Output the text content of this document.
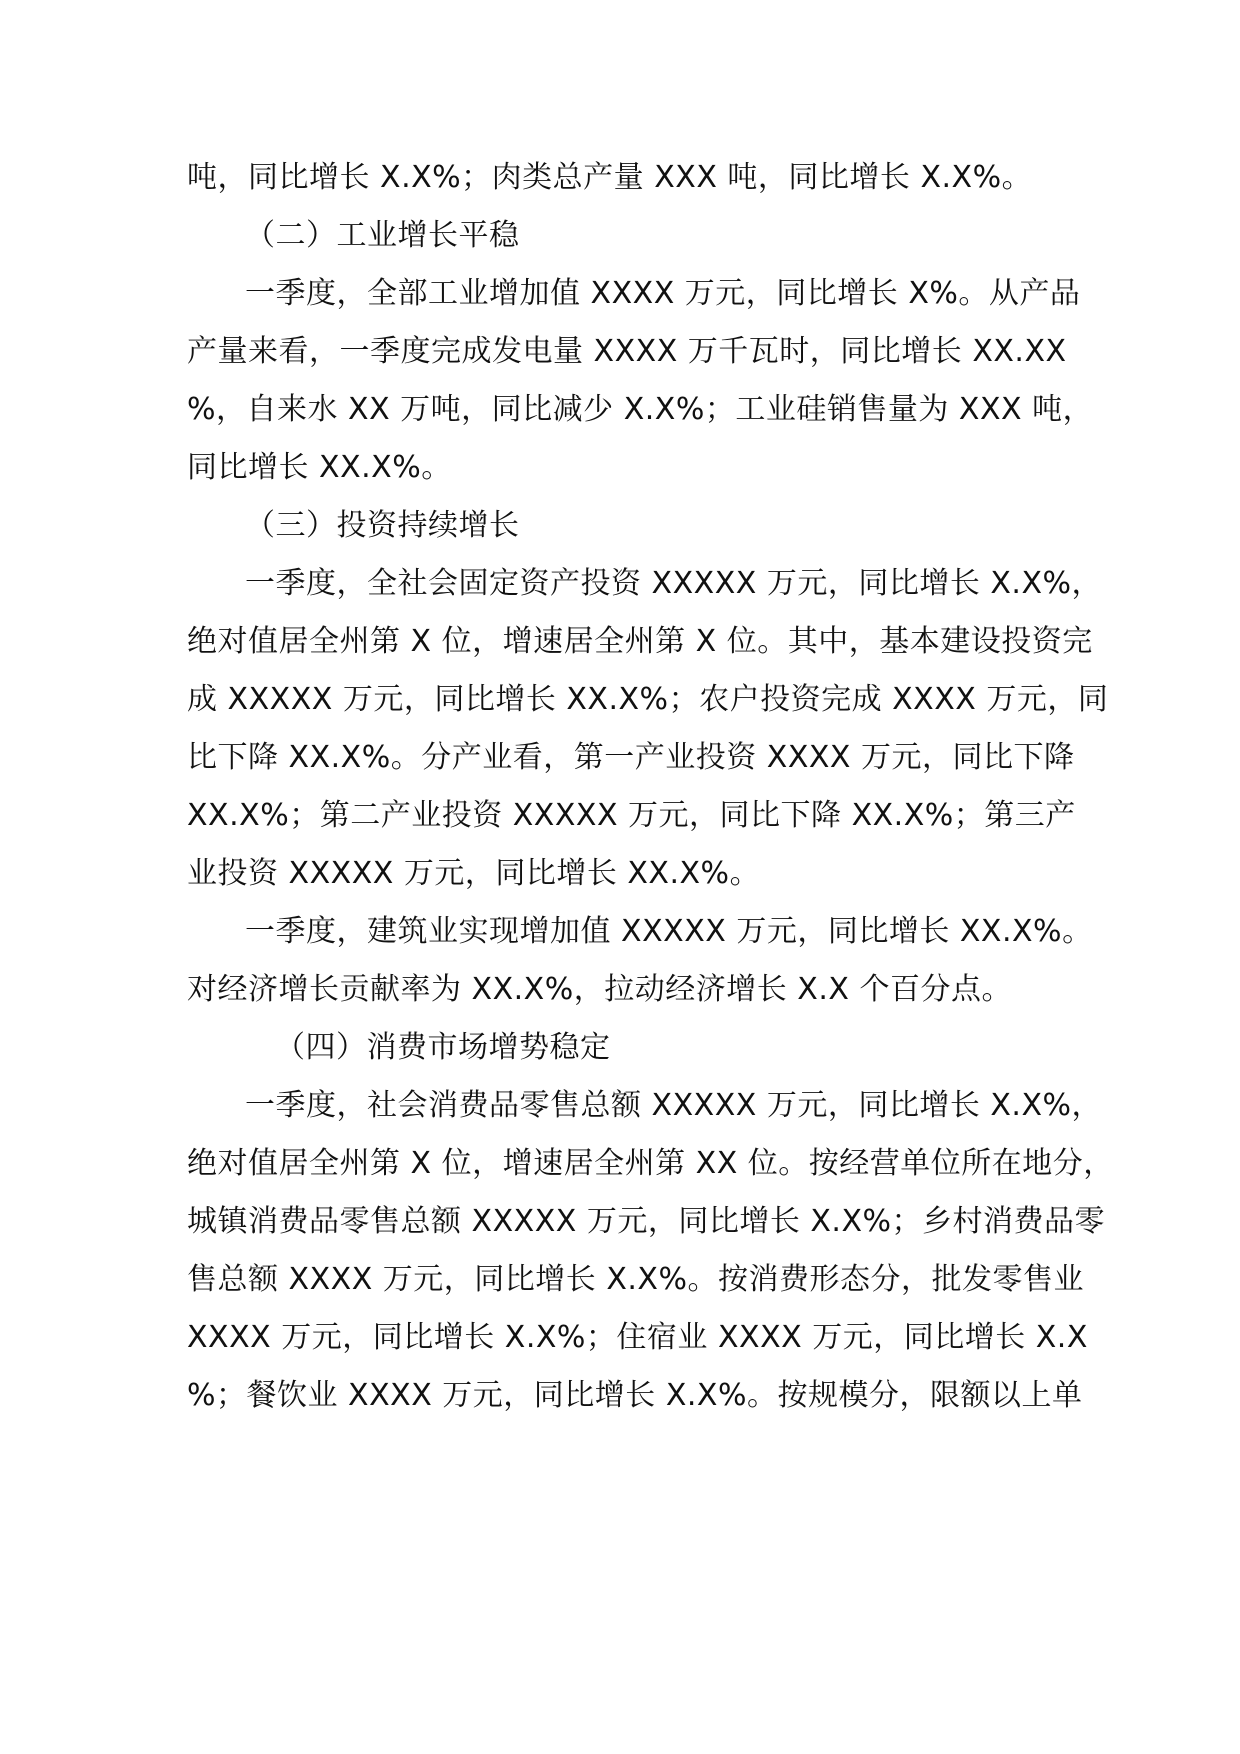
吨，同比增长 X.X%；肉类总产量 XXX 吨，同比增长 X.X%。
（二）工业增长平稳
一季度，全部工业增加值 XXXX 万元，同比增长 X%。从产品
产量来看，一季度完成发电量 XXXX 万千瓦时，同比增长 XX.XX
%，自来水 XX 万吨，同比减少 X.X%；工业硅销售量为 XXX 吨，
同比增长 XX.X%。
（三）投资持续增长
一季度，全社会固定资产投资 XXXXX 万元，同比增长 X.X%，
绝对值居全州第 X 位，增速居全州第 X 位。其中，基本建设投资完
成 XXXXX 万元，同比增长 XX.X%；农户投资完成 XXXX 万元，同
比下降 XX.X%。分产业看，第一产业投资 XXXX 万元，同比下降
XX.X%；第二产业投资 XXXXX 万元，同比下降 XX.X%；第三产
业投资 XXXXX 万元，同比增长 XX.X%。
一季度，建筑业实现增加值 XXXXX 万元，同比增长 XX.X%。
对经济增长贡献率为 XX.X%，拉动经济增长 X.X 个百分点。
（四）消费市场增势稳定
一季度，社会消费品零售总额 XXXXX 万元，同比增长 X.X%，
绝对值居全州第 X 位，增速居全州第 XX 位。按经营单位所在地分，
城镇消费品零售总额 XXXXX 万元，同比增长 X.X%；乡村消费品零
售总额 XXXX 万元，同比增长 X.X%。按消费形态分，批发零售业
XXXX 万元，同比增长 X.X%；住宿业 XXXX 万元，同比增长 X.X
%；餐饮业 XXXX 万元，同比增长 X.X%。按规模分，限额以上单
